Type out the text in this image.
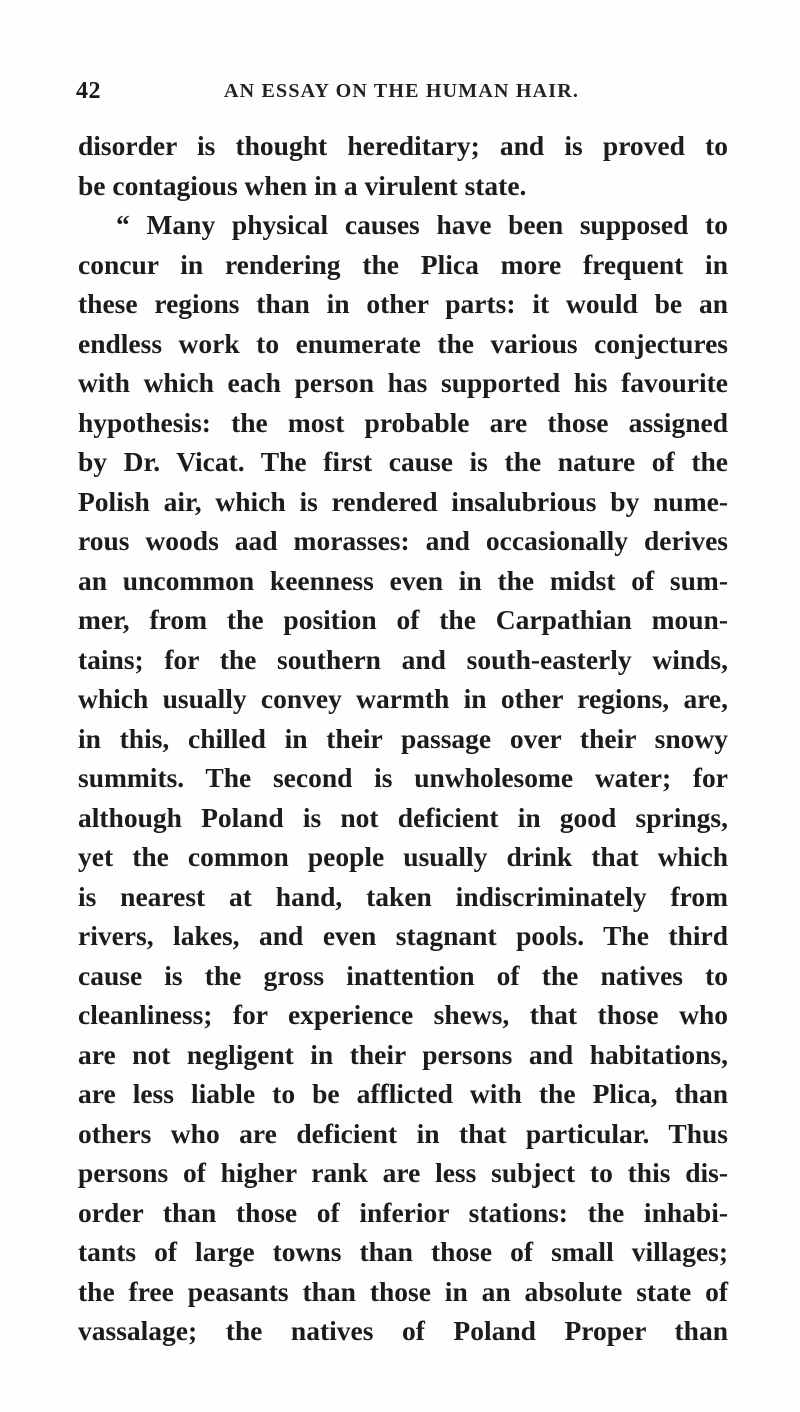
42	AN ESSAY ON THE HUMAN HAIR.
disorder is thought hereditary; and is proved to
be contagious when in a virulent state.
“ Many physical causes have been supposed to
concur in rendering the Plica more frequent in
these regions than in other parts: it would be an
endless work to enumerate the various conjectures
with which each person has supported his favourite
hypothesis: the most probable are those assigned
by Dr. Vicat. The first cause is the nature of the
Polish air, which is rendered insalubrious by nume-
rous woods aad morasses: and occasionally derives
an uncommon keenness even in the midst of sum-
mer, from the position of the Carpathian moun-
tains; for the southern and south-easterly winds,
which usually convey warmth in other regions, are,
in this, chilled in their passage over their snowy
summits. The second is unwholesome water; for
although Poland is not deficient in good springs,
yet the common people usually drink that which
is nearest at hand, taken indiscriminately from
rivers, lakes, and even stagnant pools. The third
cause is the gross inattention of the natives to
cleanliness; for experience shews, that those who
are not negligent in their persons and habitations,
are less liable to be afflicted with the Plica, than
others who are deficient in that particular. Thus
persons of higher rank are less subject to this dis-
order than those of inferior stations: the inhabi-
tants of large towns than those of small villages;
the free peasants than those in an absolute state of
vassalage; the natives of Poland Proper than
